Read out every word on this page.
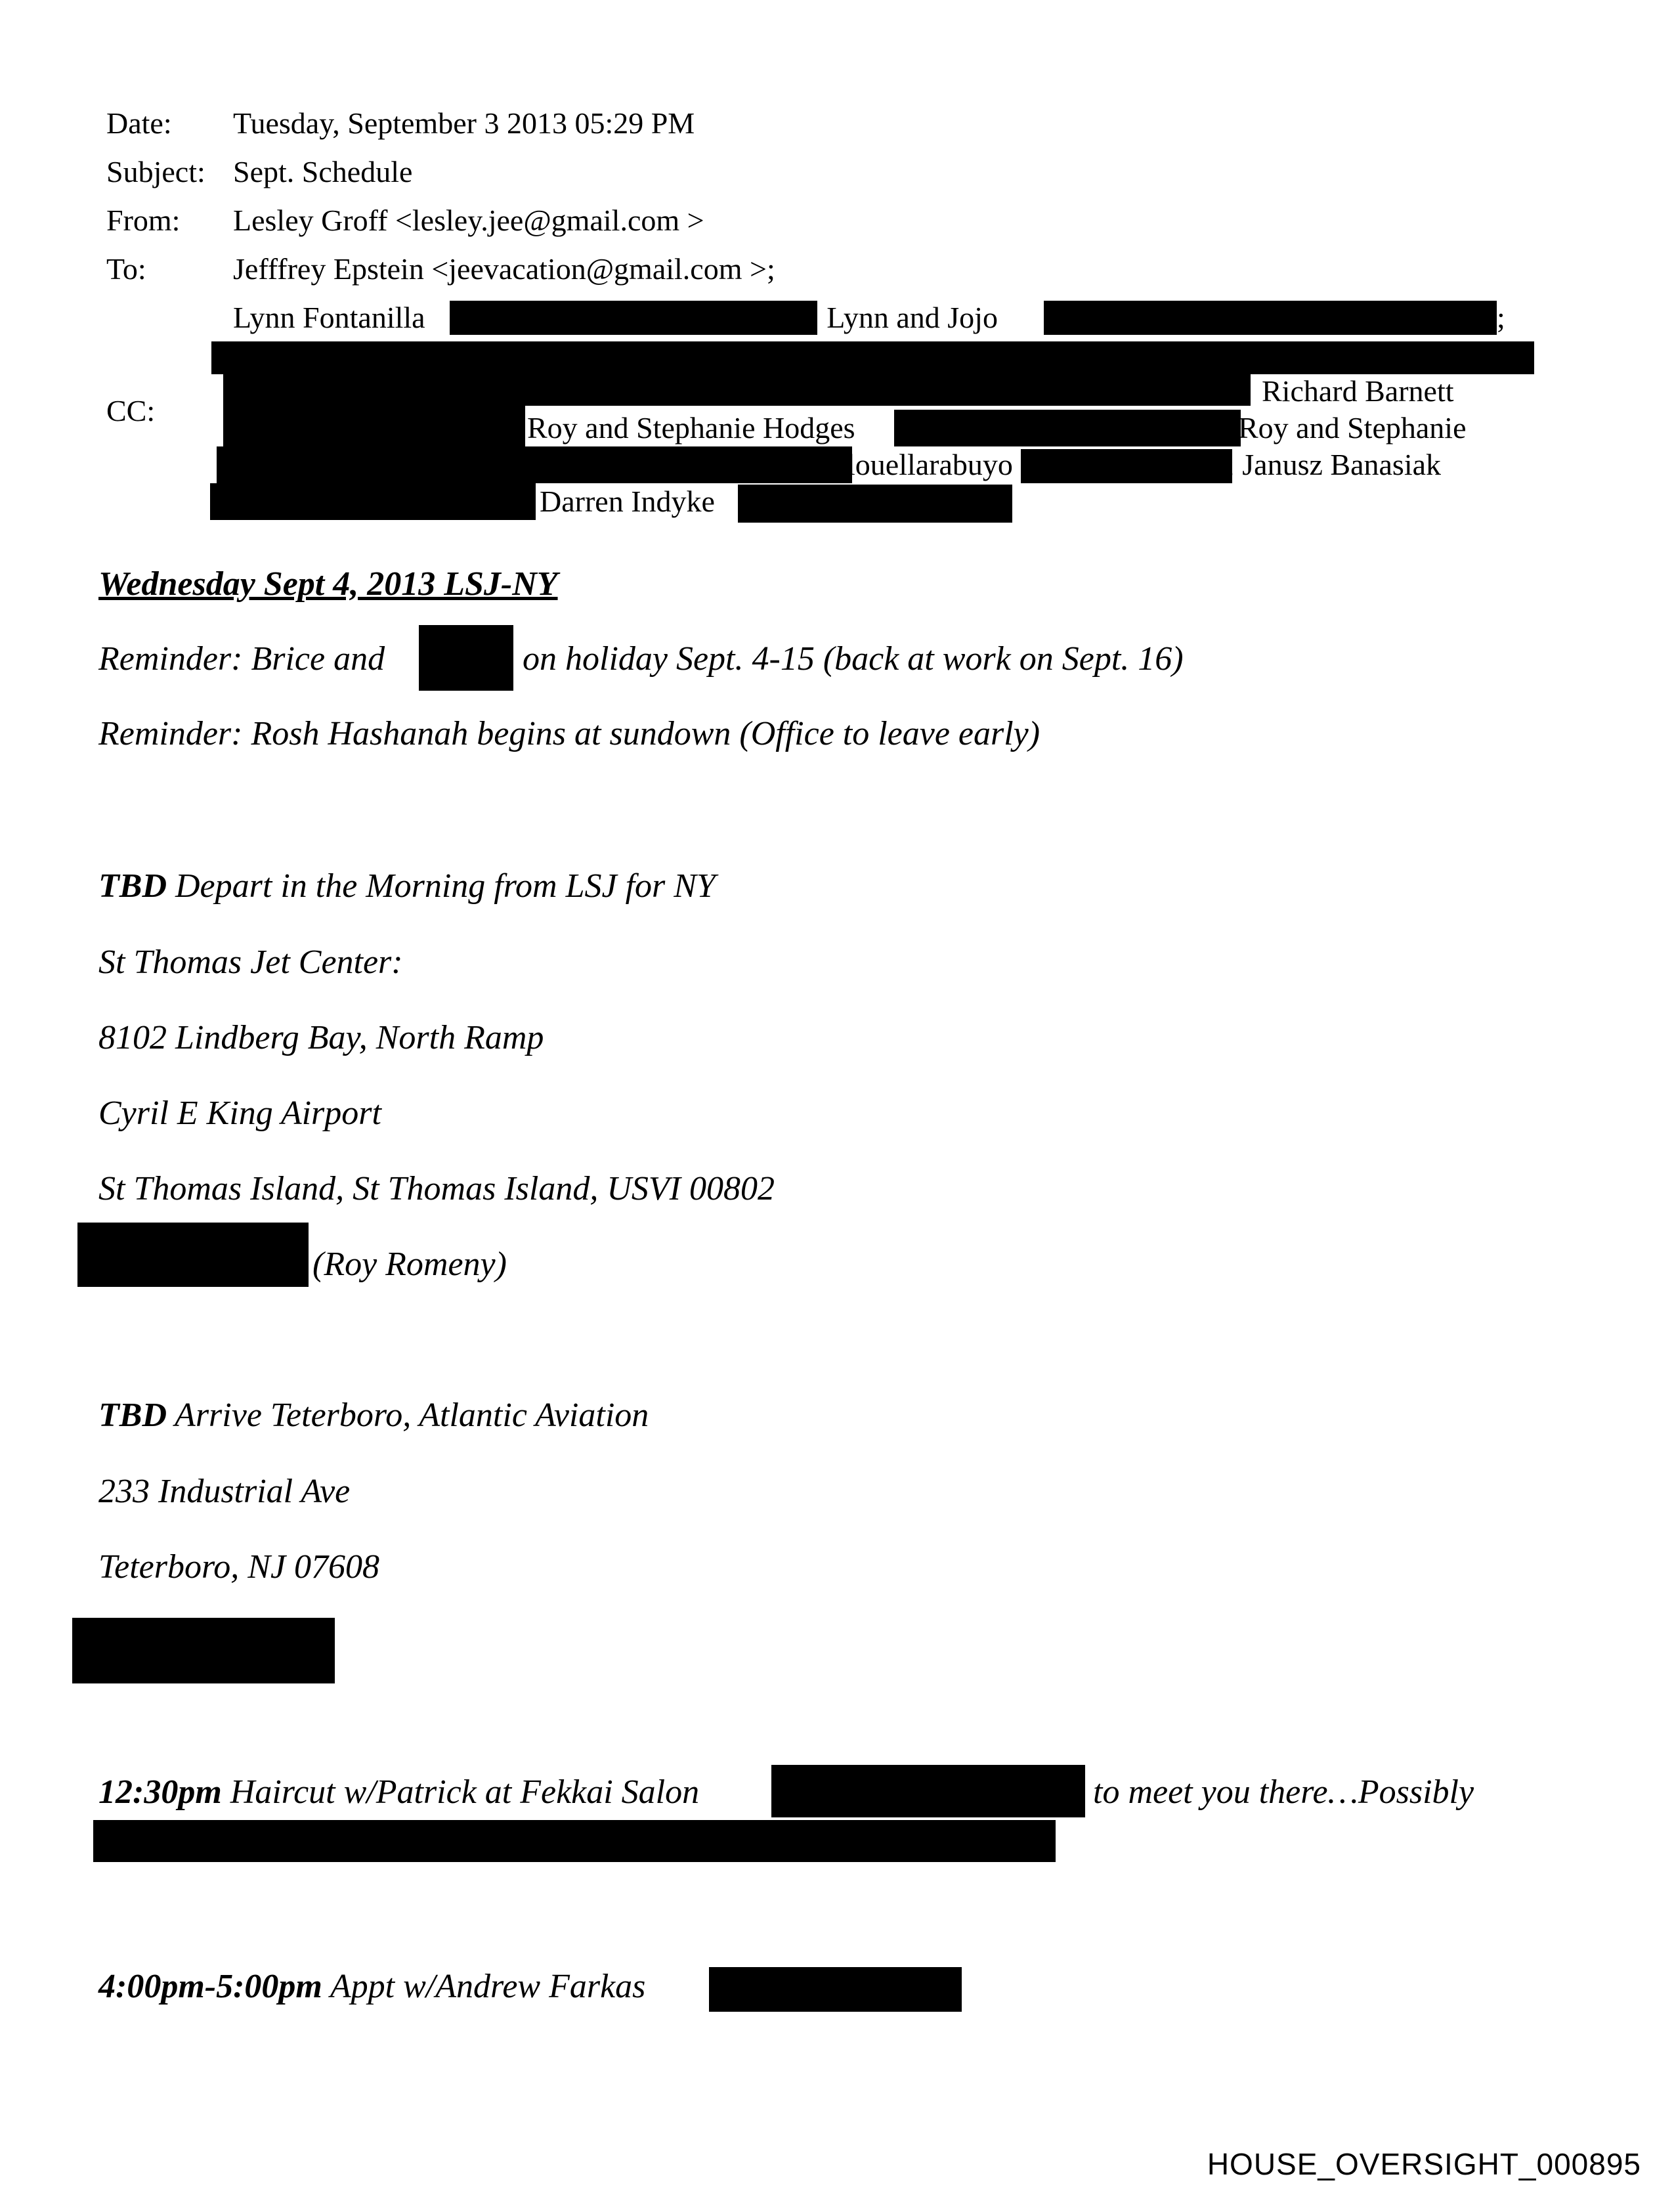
Date: Tuesday, September 3 2013 05:29 PM
Subject: Sept. Schedule
From: Lesley Groff <lesley.jee@gmail.com >
To:	Jefffrey Epstein <jeevacation@gmail.com >;
Lynn Fontanilla	; Lynn and Jojo	;
CC:
Richard Barnett
Roy and Stephanie Hodges	Roy and Stephanie
louellarabuyo	; Janusz Banasiak
Darren Indyke
Wednesday Sept 4, 2013 LSJ-NY
Reminder: Brice and	on holiday Sept. 4-15 (back at work on Sept. 16)
Reminder: Rosh Hashanah begins at sundown (Office to leave early)
TBD Depart in the Morning from LSJ for NY
St Thomas Jet Center:
8102 Lindberg Bay, North Ramp
Cyril E King Airport
St Thomas Island, St Thomas Island, USVI 00802
(Roy Romeny)
TBD Arrive Teterboro, Atlantic Aviation
233 Industrial Ave
Teterboro, NJ 07608
12:30pm Haircut w/Patrick at Fekkai Salon	to meet you there…Possibly
4:00pm-5:00pm Appt w/Andrew Farkas
HOUSE_OVERSIGHT_000895
